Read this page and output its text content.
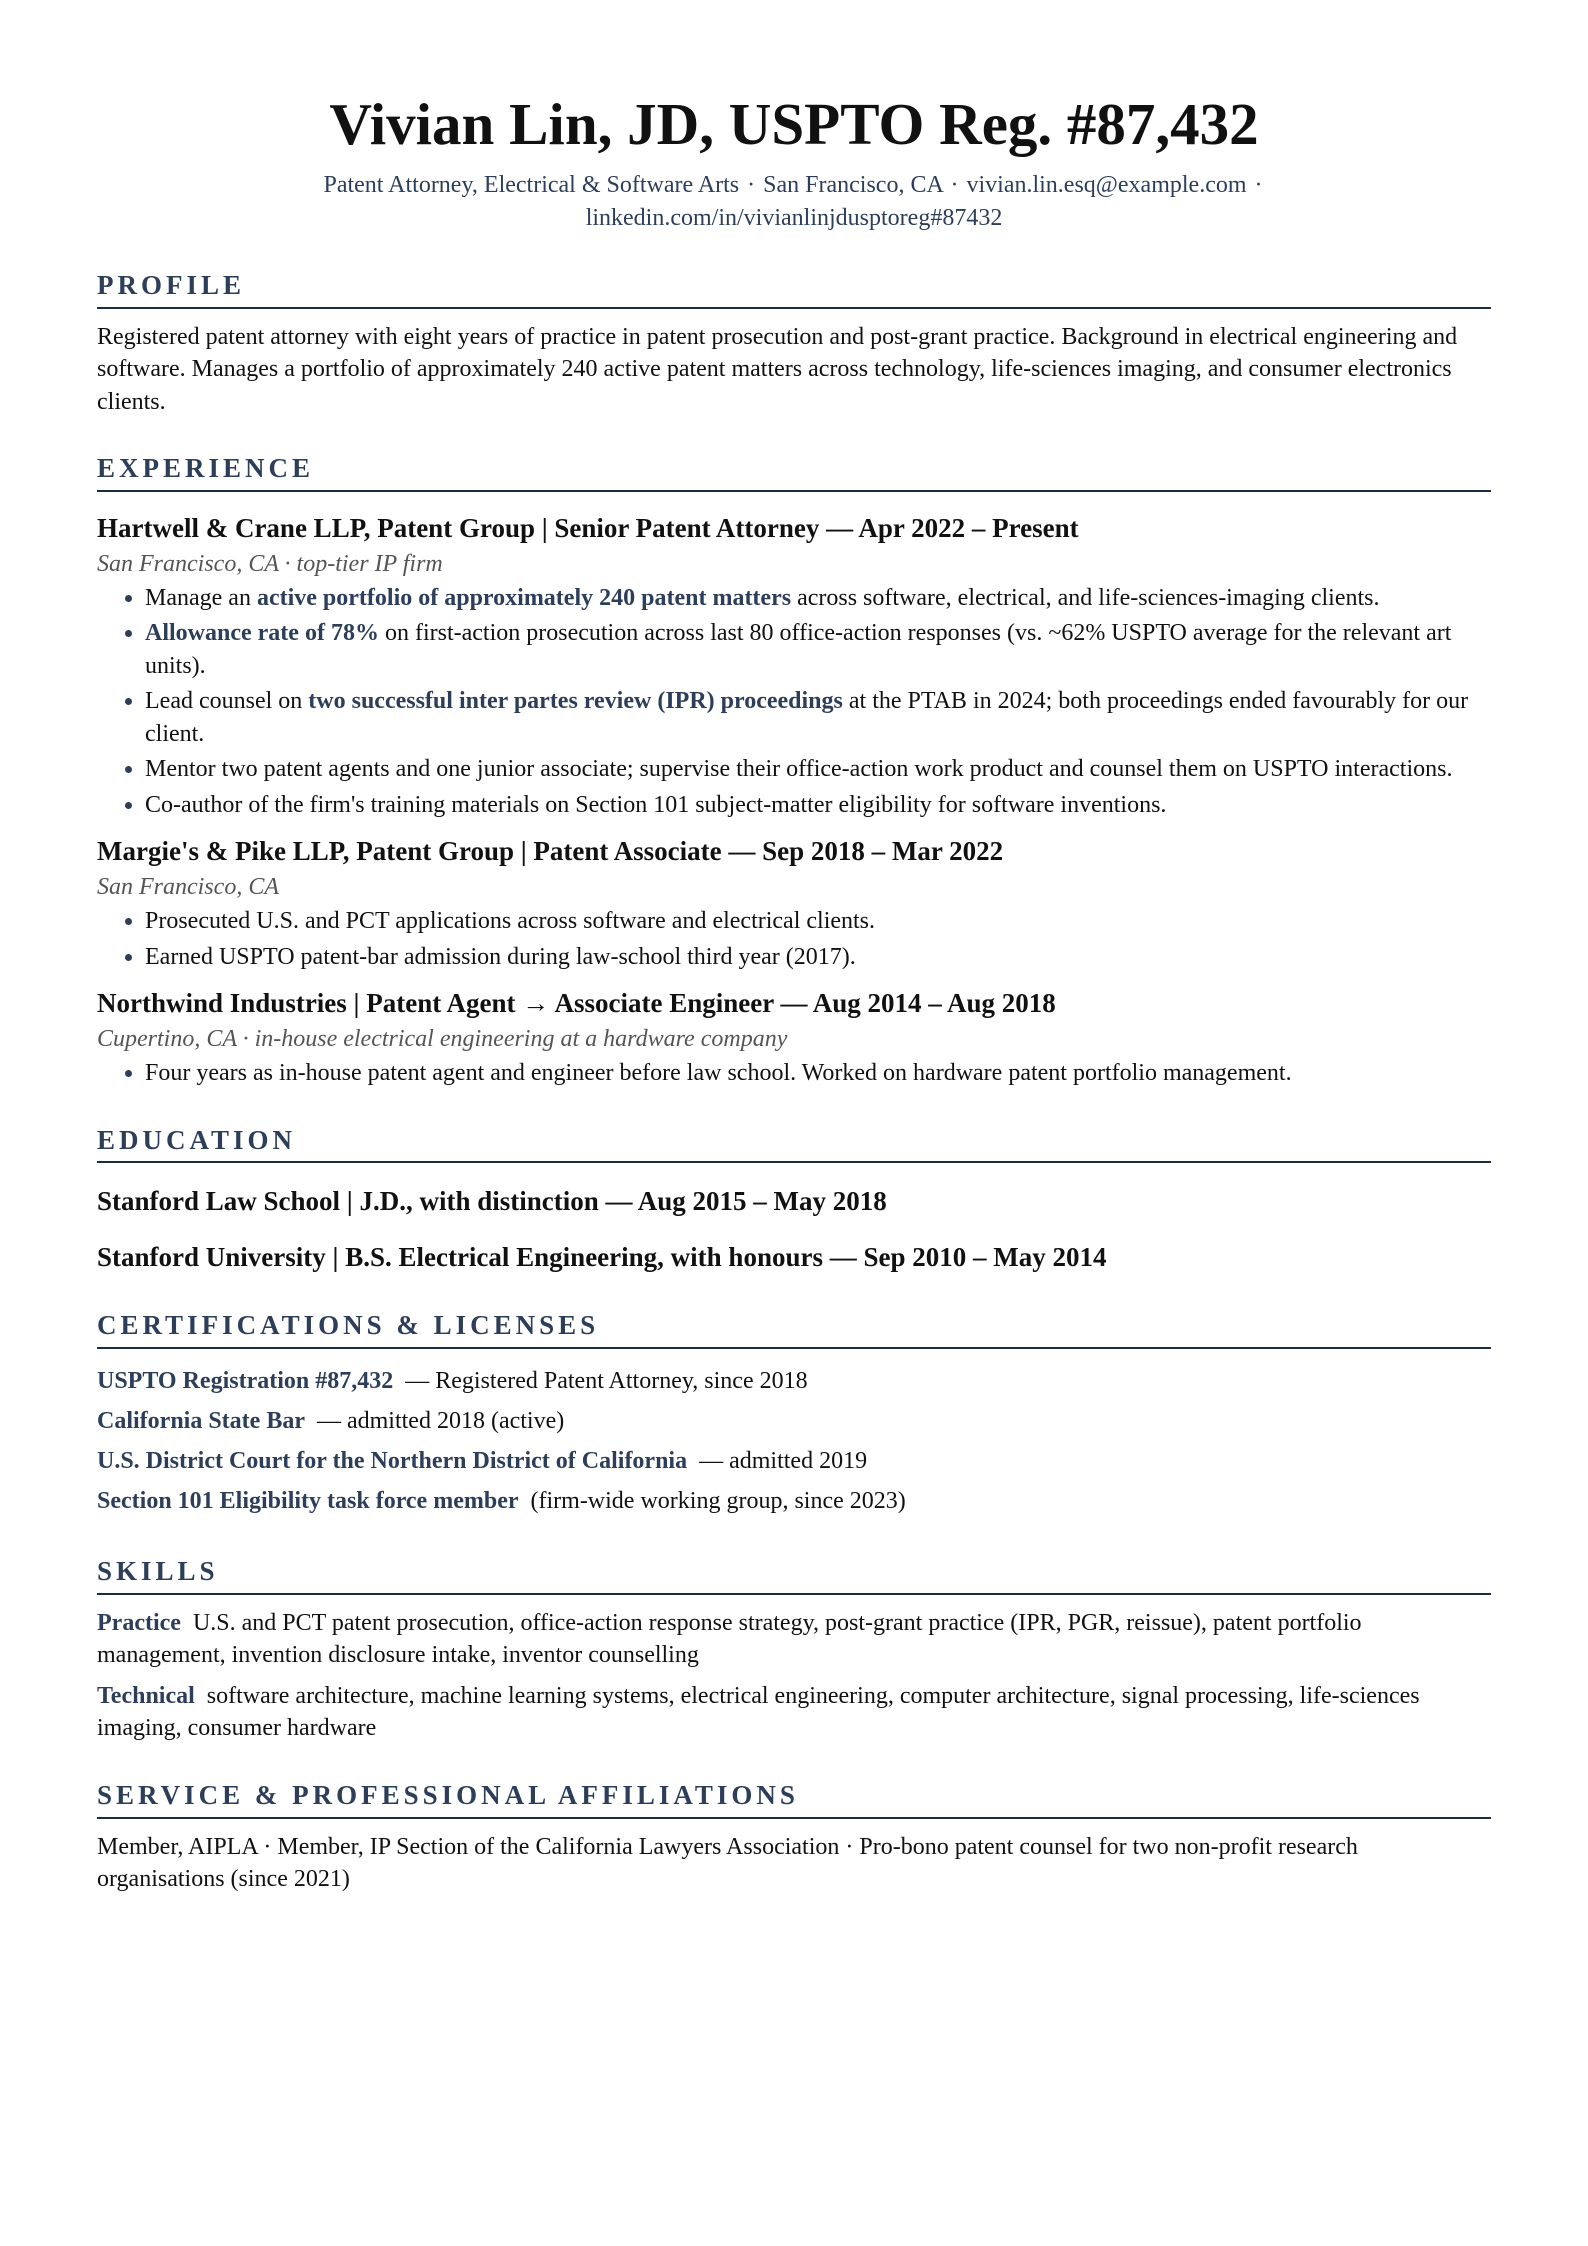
Vivian Lin, JD, USPTO Reg. #87,432
Patent Attorney, Electrical & Software Arts · San Francisco, CA · vivian.lin.esq@example.com · linkedin.com/in/vivianlinjdusptoreg#87432
PROFILE
Registered patent attorney with eight years of practice in patent prosecution and post-grant practice. Background in electrical engineering and software. Manages a portfolio of approximately 240 active patent matters across technology, life-sciences imaging, and consumer electronics clients.
EXPERIENCE
Hartwell & Crane LLP, Patent Group | Senior Patent Attorney — Apr 2022 – Present
San Francisco, CA · top-tier IP firm
• Manage an active portfolio of approximately 240 patent matters across software, electrical, and life-sciences-imaging clients.
• Allowance rate of 78% on first-action prosecution across last 80 office-action responses (vs. ~62% USPTO average for the relevant art units).
• Lead counsel on two successful inter partes review (IPR) proceedings at the PTAB in 2024; both proceedings ended favourably for our client.
• Mentor two patent agents and one junior associate; supervise their office-action work product and counsel them on USPTO interactions.
• Co-author of the firm's training materials on Section 101 subject-matter eligibility for software inventions.
Margie's & Pike LLP, Patent Group | Patent Associate — Sep 2018 – Mar 2022
San Francisco, CA
• Prosecuted U.S. and PCT applications across software and electrical clients.
• Earned USPTO patent-bar admission during law-school third year (2017).
Northwind Industries | Patent Agent → Associate Engineer — Aug 2014 – Aug 2018
Cupertino, CA · in-house electrical engineering at a hardware company
• Four years as in-house patent agent and engineer before law school. Worked on hardware patent portfolio management.
EDUCATION
Stanford Law School | J.D., with distinction — Aug 2015 – May 2018
Stanford University | B.S. Electrical Engineering, with honours — Sep 2010 – May 2014
CERTIFICATIONS & LICENSES
USPTO Registration #87,432 — Registered Patent Attorney, since 2018
California State Bar — admitted 2018 (active)
U.S. District Court for the Northern District of California — admitted 2019
Section 101 Eligibility task force member (firm-wide working group, since 2023)
SKILLS
Practice U.S. and PCT patent prosecution, office-action response strategy, post-grant practice (IPR, PGR, reissue), patent portfolio management, invention disclosure intake, inventor counselling
Technical software architecture, machine learning systems, electrical engineering, computer architecture, signal processing, life-sciences imaging, consumer hardware
SERVICE & PROFESSIONAL AFFILIATIONS
Member, AIPLA · Member, IP Section of the California Lawyers Association · Pro-bono patent counsel for two non-profit research organisations (since 2021)
